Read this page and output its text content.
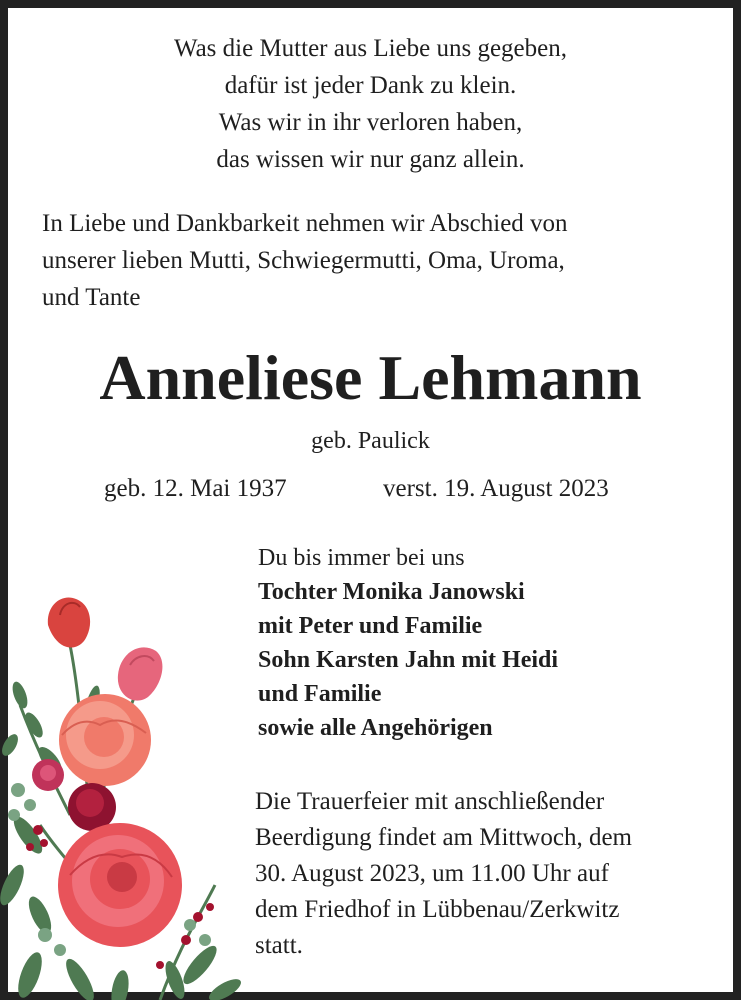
Was die Mutter aus Liebe uns gegeben,
dafür ist jeder Dank zu klein.
Was wir in ihr verloren haben,
das wissen wir nur ganz allein.
In Liebe und Dankbarkeit nehmen wir Abschied von
unserer lieben Mutti, Schwiegermutti, Oma, Uroma,
und Tante
Anneliese Lehmann
geb. Paulick
geb. 12. Mai 1937	verst. 19. August 2023
Du bis immer bei uns
Tochter Monika Janowski
mit Peter und Familie
Sohn Karsten Jahn mit Heidi
und Familie
sowie alle Angehörigen
Die Trauerfeier mit anschließender
Beerdigung findet am Mittwoch, dem
30. August 2023, um 11.00 Uhr auf
dem Friedhof in Lübbenau/Zerkwitz
statt.
